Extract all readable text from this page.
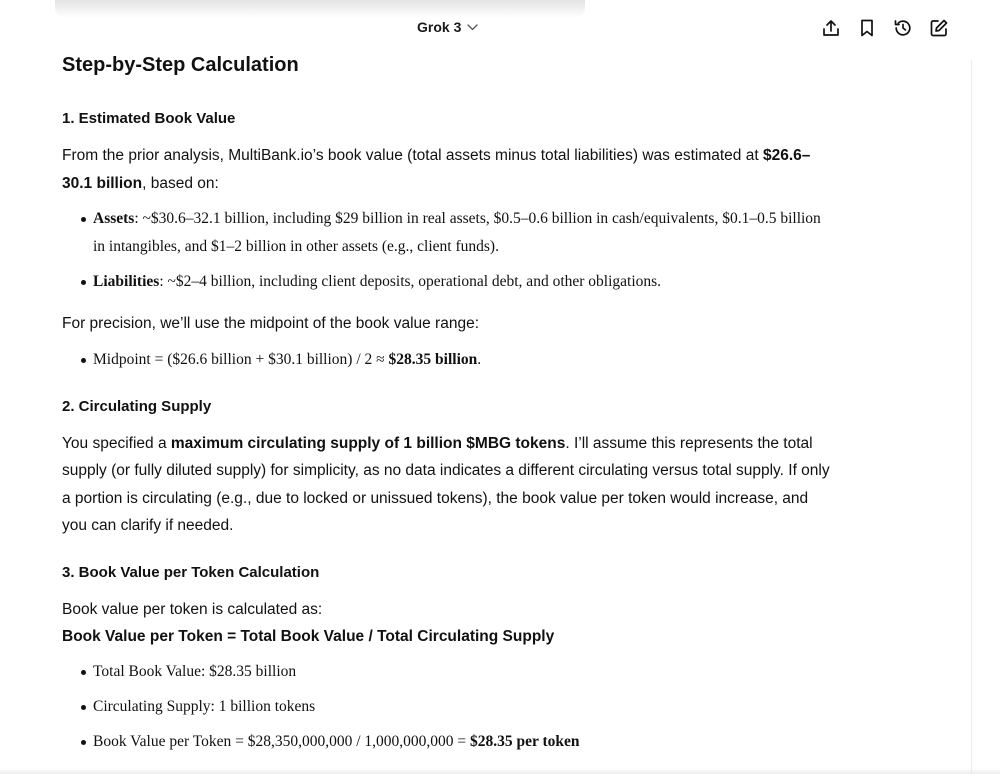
Grok 3
Step-by-Step Calculation
1. Estimated Book Value
From the prior analysis, MultiBank.io’s book value (total assets minus total liabilities) was estimated at $26.6–30.1 billion, based on:
Assets: ~$30.6–32.1 billion, including $29 billion in real assets, $0.5–0.6 billion in cash/equivalents, $0.1–0.5 billion in intangibles, and $1–2 billion in other assets (e.g., client funds).
Liabilities: ~$2–4 billion, including client deposits, operational debt, and other obligations.
For precision, we’ll use the midpoint of the book value range:
Midpoint = ($26.6 billion + $30.1 billion) / 2 ≈ $28.35 billion.
2. Circulating Supply
You specified a maximum circulating supply of 1 billion $MBG tokens. I’ll assume this represents the total supply (or fully diluted supply) for simplicity, as no data indicates a different circulating versus total supply. If only a portion is circulating (e.g., due to locked or unissued tokens), the book value per token would increase, and you can clarify if needed.
3. Book Value per Token Calculation
Book value per token is calculated as:
Book Value per Token = Total Book Value / Total Circulating Supply
Total Book Value: $28.35 billion
Circulating Supply: 1 billion tokens
Book Value per Token = $28,350,000,000 / 1,000,000,000 = $28.35 per token
